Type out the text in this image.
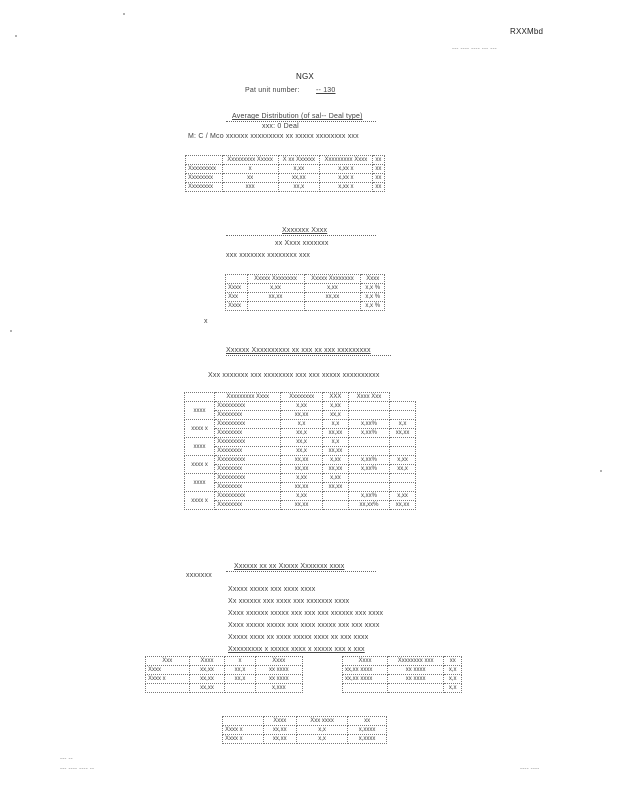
RXXMbd
--- ---- ---- --- ---
NGX
Pat unit number: -- 130
Average Distribution (of sal-- Deal type)
xxx: 0 Deal
M: C / Mco xxxxxx xxxxxxxxx xx xxxxx xxxxxxxx xxx
	Xxxxxxxxx Xxxxx	X xx Xxxxxx	Xxxxxxxxx Xxxx	xx
Xxxxxxxxx	x	x,xx	x,xx x	xx
Xxxxxxxx	xx	xx,xx	x,xx x	xx
Xxxxxxxx	xxx	xx,x	x,xx x	xx
Xxxxxxx Xxxx
xx Xxxx xxxxxxx
xxx xxxxxxx xxxxxxxx xxx
	Xxxxx Xxxxxxxx	Xxxxx Xxxxxxxx	Xxxx
Xxxx	x,xx	x,xx	x,x %
Xxx	xx,xx	xx,xx	x,x %
Xxxx			x,x %
x
Xxxxxx Xxxxxxxxxx xx xxx xx xxx xxxxxxxxx
Xxx xxxxxxx xxx xxxxxxxx xxx xxx xxxxx xxxxxxxxxx
	Xxxxxxxxx Xxxx	Xxxxxxxx	XXX	Xxxx Xxx	
xxxx	Xxxxxxxxx	x,xx	x,xx		
	Xxxxxxxx	xx,xx	xx,x		
xxxx x	Xxxxxxxxx	x,x	x,x	x,xx%	x,x
	Xxxxxxxx	xx,x	xx,xx	x,xx%	xx,xx
xxxx	Xxxxxxxxx	xx,x	x,x		
	Xxxxxxxx	xx,x	xx,xx		
xxxx x	Xxxxxxxxx	xx,xx	x,xx	x,xx%	x,xx
	Xxxxxxxx	xx,xx	xx,xx	x,xx%	xx,x
xxxx	Xxxxxxxxx	x,xx	x,xx		
	Xxxxxxxx	xx,xx	xx,xx		
xxxx x	Xxxxxxxxx	x,xx		x,xx%	x,xx
	Xxxxxxxx	xx,xx		xx,xx%	xx,xx
Xxxxxx xx xx Xxxxx Xxxxxxx xxxx
xxxxxxx
Xxxxx xxxxx xxx xxxx xxxx
Xx xxxxxx xxx xxxx xxx xxxxxxx xxxx
Xxxx xxxxxx xxxxx xxx xxx xxx xxxxxx xxx xxxx
Xxxx xxxxx xxxxx xxx xxxx xxxxx xxx xxx xxxx
Xxxxx xxxx xx xxxx xxxxx xxxx xx xxx xxxx
Xxxxxxxxx x xxxxx xxxx x xxxxx xxx x xxx
Xxx	Xxxx	x	Xxxx
Xxxx	xx,xx	xx,x	xx xxxx
Xxxx x	xx,xx	xx,x	xx xxxx
	xx,xx		x,xxx
Xxxx	Xxxxxxxx xxx	xx
xx,xx xxxx	xx xxxx	x,x
xx,xx xxxx	xx xxxx	x,x
		x,x
	Xxxx	Xxx xxxx	xx
Xxxx x	xx,xx	x,x	x,xxxx
Xxxx x	xx,xx	x,x	x,xxxx
--- --
--- ---- ---- --	---- ----
